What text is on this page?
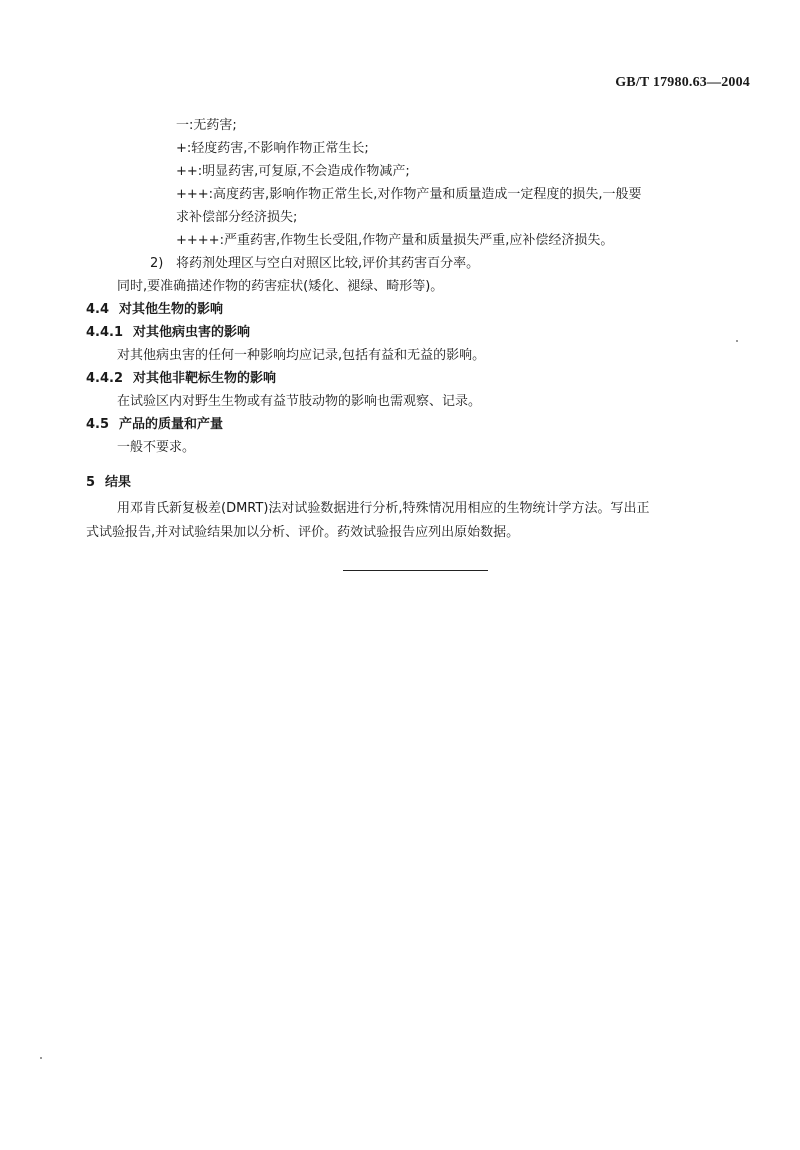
GB/T 17980.63—2004
一:无药害;
+:轻度药害,不影响作物正常生长;
++:明显药害,可复原,不会造成作物减产;
+++:高度药害,影响作物正常生长,对作物产量和质量造成一定程度的损失,一般要
求补偿部分经济损失;
++++:严重药害,作物生长受阻,作物产量和质量损失严重,应补偿经济损失。
2) 将药剂处理区与空白对照区比较,评价其药害百分率。
同时,要准确描述作物的药害症状(矮化、褪绿、畸形等)。
4.4 对其他生物的影响
4.4.1 对其他病虫害的影响
对其他病虫害的任何一种影响均应记录,包括有益和无益的影响。
4.4.2 对其他非靶标生物的影响
在试验区内对野生生物或有益节肢动物的影响也需观察、记录。
4.5 产品的质量和产量
一般不要求。
5 结果
用邓肯氏新复极差(DMRT)法对试验数据进行分析,特殊情况用相应的生物统计学方法。写出正
式试验报告,并对试验结果加以分析、评价。药效试验报告应列出原始数据。
